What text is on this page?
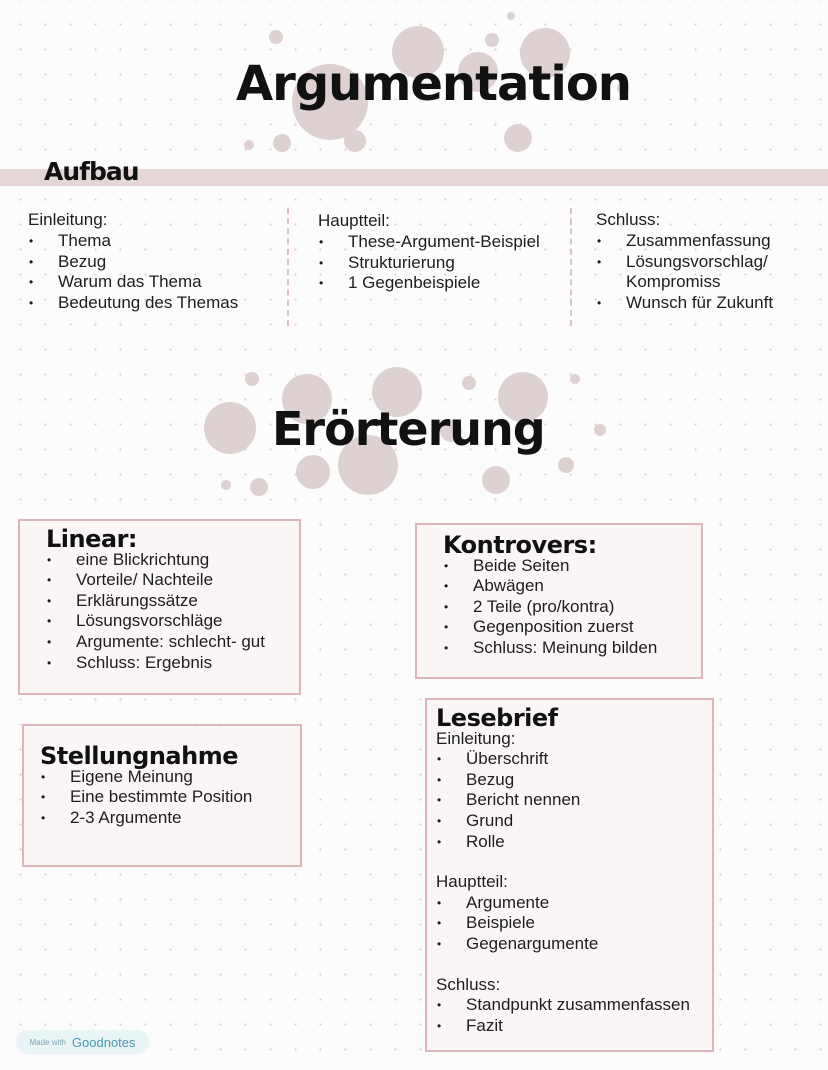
Argumentation
Aufbau
Einleitung:
• Thema
• Bezug
• Warum das Thema
• Bedeutung des Themas
Hauptteil:
• These-Argument-Beispiel
• Strukturierung
• 1 Gegenbeispiele
Schluss:
• Zusammenfassung
• Lösungsvorschlag/ Kompromiss
• Wunsch für Zukunft
Erörterung
Linear:
• eine Blickrichtung
• Vorteile/ Nachteile
• Erklärungssätze
• Lösungsvorschläge
• Argumente: schlecht- gut
• Schluss: Ergebnis
Kontrovers:
• Beide Seiten
• Abwägen
• 2 Teile (pro/kontra)
• Gegenposition zuerst
• Schluss: Meinung bilden
Stellungnahme
• Eigene Meinung
• Eine bestimmte Position
• 2-3 Argumente
Lesebrief
Einleitung:
• Überschrift
• Bezug
• Bericht nennen
• Grund
• Rolle
Hauptteil:
• Argumente
• Beispiele
• Gegenargumente
Schluss:
• Standpunkt zusammenfassen
• Fazit
Made with Goodnotes
